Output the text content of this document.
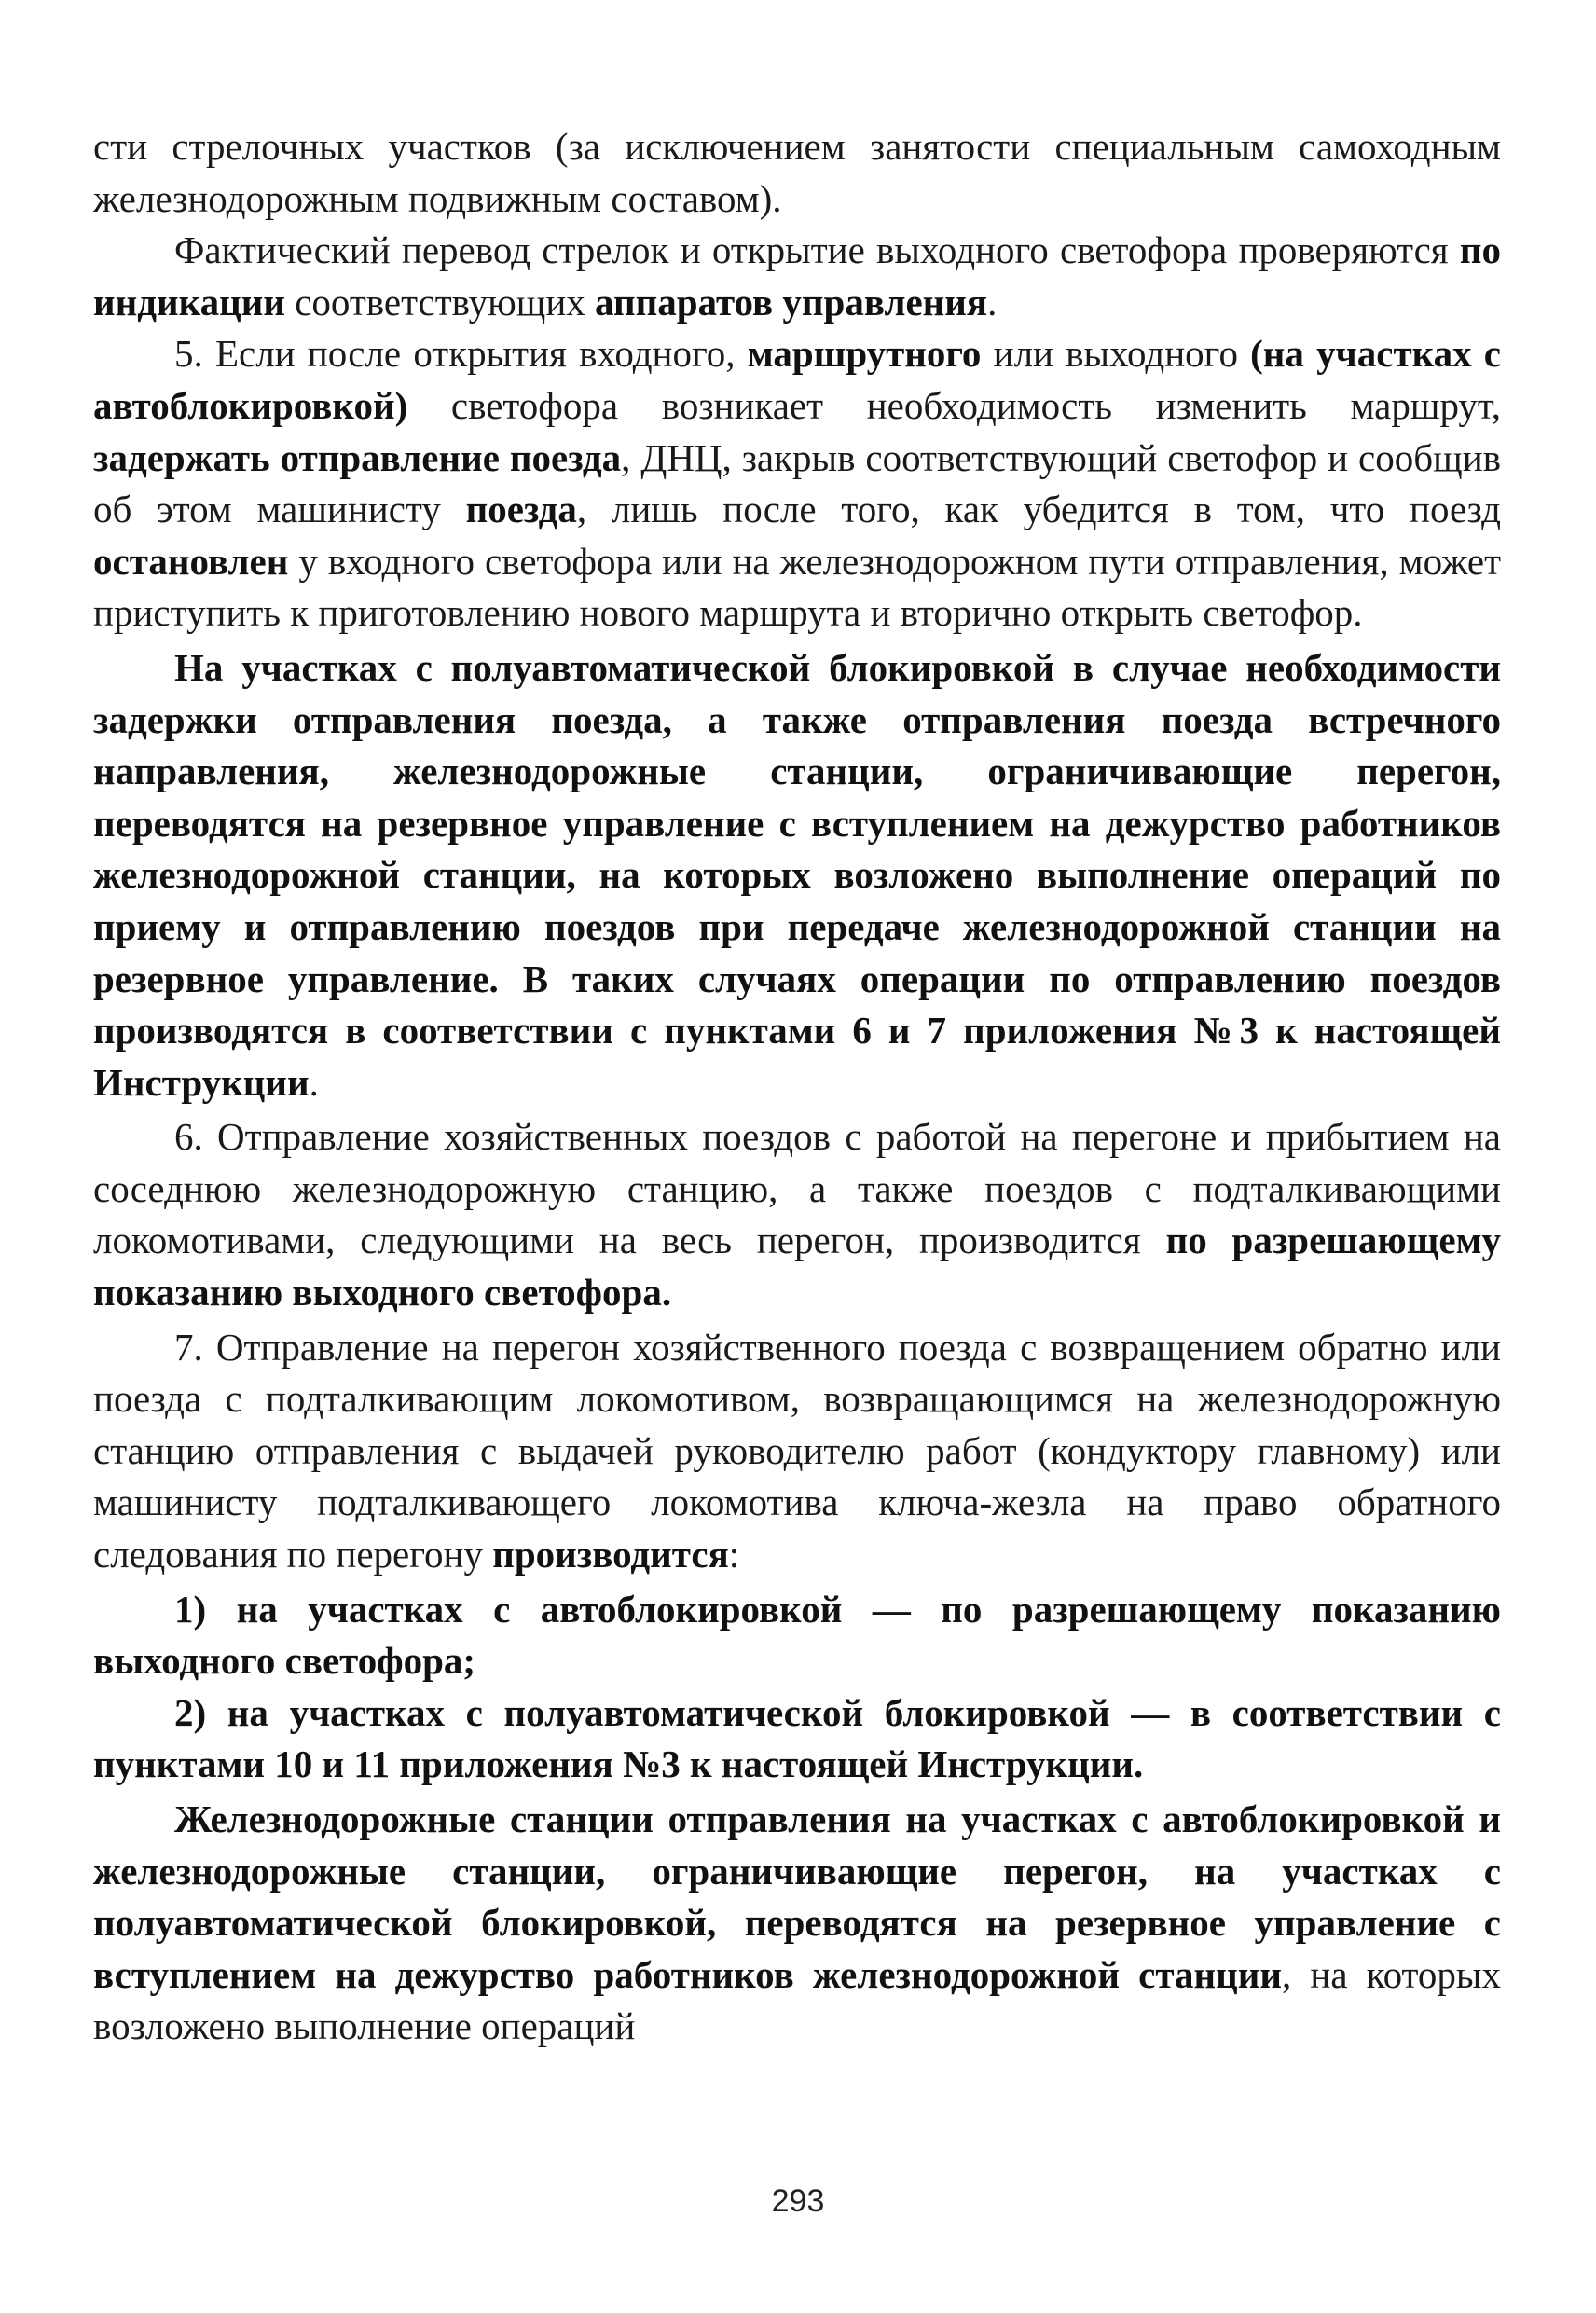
сти стрелочных участков (за исключением занятости специальным самоходным железнодорожным подвижным составом).

Фактический перевод стрелок и открытие выходного светофора проверяются по индикации соответствующих аппаратов управления.

5. Если после открытия входного, маршрутного или выходного (на участках с автоблокировкой) светофора возникает необходимость изменить маршрут, задержать отправление поезда, ДНЦ, закрыв соответствующий светофор и сообщив об этом машинисту поезда, лишь после того, как убедится в том, что поезд остановлен у входного светофора или на железнодорожном пути отправления, может приступить к приготовлению нового маршрута и вторично открыть светофор.

На участках с полуавтоматической блокировкой в случае необходимости задержки отправления поезда, а также отправления поезда встречного направления, железнодорожные станции, ограничивающие перегон, переводятся на резервное управление с вступлением на дежурство работников железнодорожной станции, на которых возложено выполнение операций по приему и отправлению поездов при передаче железнодорожной станции на резервное управление. В таких случаях операции по отправлению поездов производятся в соответствии с пунктами 6 и 7 приложения №3 к настоящей Инструкции.

6. Отправление хозяйственных поездов с работой на перегоне и прибытием на соседнюю железнодорожную станцию, а также поездов с подталкивающими локомотивами, следующими на весь перегон, производится по разрешающему показанию выходного светофора.

7. Отправление на перегон хозяйственного поезда с возвращением обратно или поезда с подталкивающим локомотивом, возвращающимся на железнодорожную станцию отправления с выдачей руководителю работ (кондуктору главному) или машинисту подталкивающего локомотива ключа-жезла на право обратного следования по перегону производится:

1) на участках с автоблокировкой — по разрешающему показанию выходного светофора;

2) на участках с полуавтоматической блокировкой — в соответствии с пунктами 10 и 11 приложения №3 к настоящей Инструкции.

Железнодорожные станции отправления на участках с автоблокировкой и железнодорожные станции, ограничивающие перегон, на участках с полуавтоматической блокировкой, переводятся на резервное управление с вступлением на дежурство работников железнодорожной станции, на которых возложено выполнение операций

293
